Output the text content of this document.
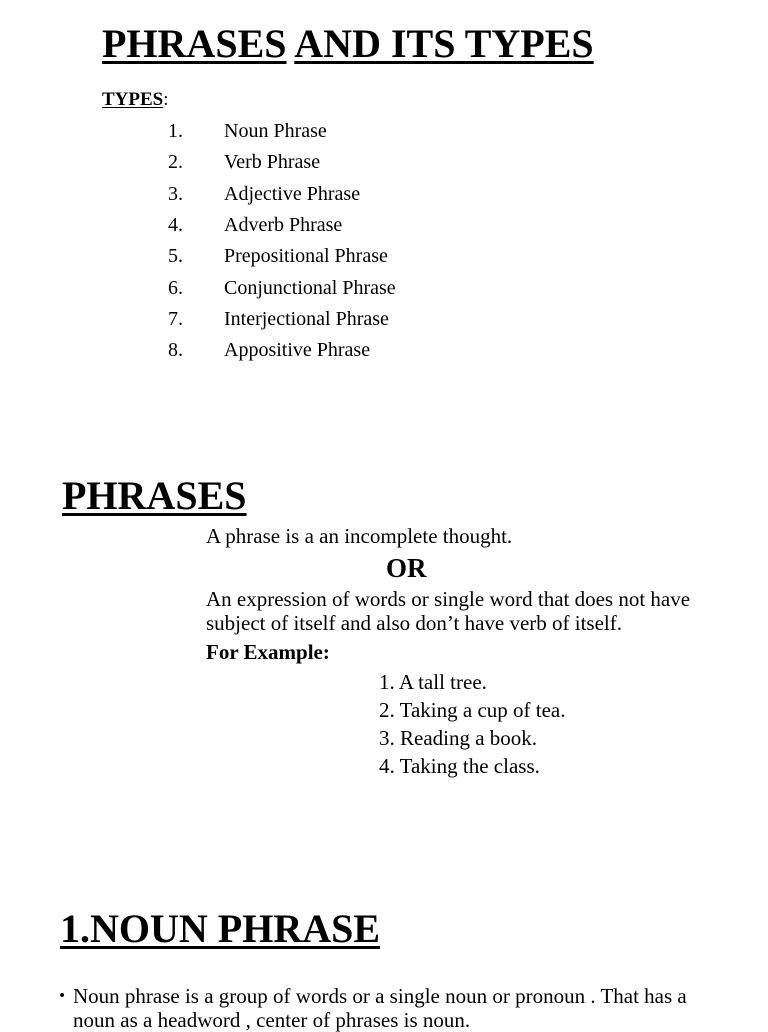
PHRASES AND ITS TYPES
TYPES:
1. Noun Phrase
2. Verb Phrase
3. Adjective Phrase
4. Adverb Phrase
5. Prepositional Phrase
6. Conjunctional Phrase
7. Interjectional Phrase
8. Appositive Phrase
PHRASES
A phrase is a an incomplete thought.
OR
An expression of words or single word that does not have subject of itself and also don’t have verb of itself.
For Example:
1. A tall tree.
2. Taking a cup of tea.
3. Reading a book.
4. Taking the class.
1.NOUN PHRASE
• Noun phrase is a group of words or a single noun or pronoun . That has a noun as a headword , center of phrases is noun.
